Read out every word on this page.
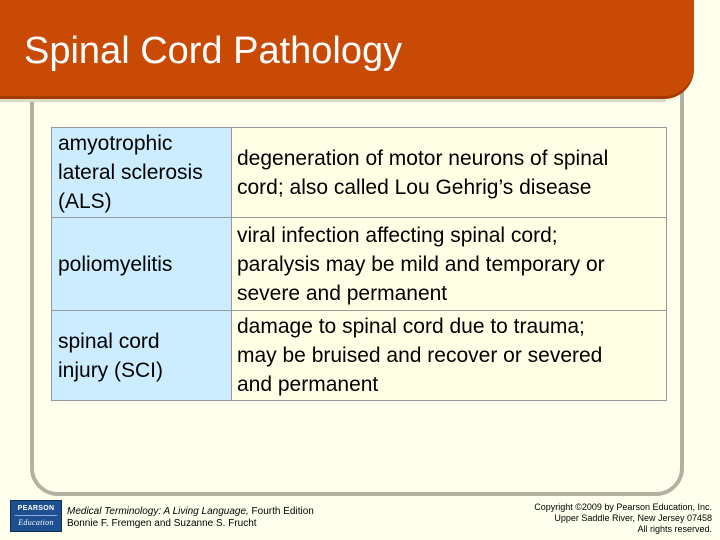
Spinal Cord Pathology
amyotrophic
lateral sclerosis
(ALS)	degeneration of motor neurons of spinal
cord; also called Lou Gehrig’s disease

poliomyelitis	viral infection affecting spinal cord;
paralysis may be mild and temporary or
severe and permanent

spinal cord
injury (SCI)	damage to spinal cord due to trauma;
may be bruised and recover or severed
and permanent
PEARSON
Education
Medical Terminology: A Living Language, Fourth Edition
Bonnie F. Fremgen and Suzanne S. Frucht
Copyright ©2009 by Pearson Education, Inc.
Upper Saddle River, New Jersey 07458
All rights reserved.
